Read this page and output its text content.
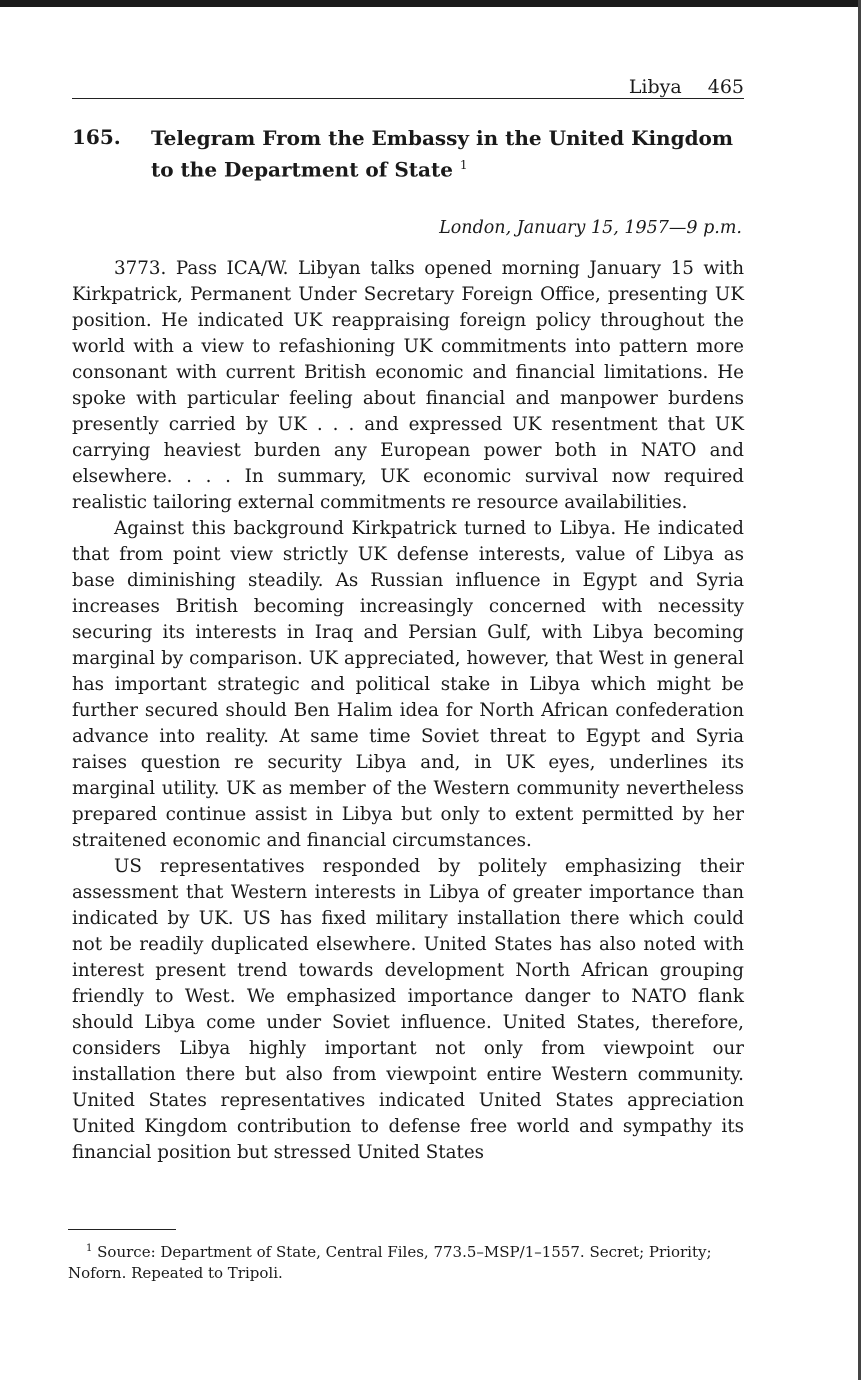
Libya 465
165. Telegram From the Embassy in the United Kingdom to the Department of State $^1$
London, January 15, 1957—9 p.m.

3773. Pass ICA/W. Libyan talks opened morning January 15 with Kirkpatrick, Permanent Under Secretary Foreign Office, presenting UK position. He indicated UK reappraising foreign policy throughout the world with a view to refashioning UK commitments into pattern more consonant with current British economic and financial limitations. He spoke with particular feeling about financial and manpower burdens presently carried by UK . . . and expressed UK resentment that UK carrying heaviest burden any European power both in NATO and elsewhere. . . . In summary, UK economic survival now required realistic tailoring external commitments re resource availabilities.

Against this background Kirkpatrick turned to Libya. He indicated that from point view strictly UK defense interests, value of Libya as base diminishing steadily. As Russian influence in Egypt and Syria increases British becoming increasingly concerned with necessity securing its interests in Iraq and Persian Gulf, with Libya becoming marginal by comparison. UK appreciated, however, that West in general has important strategic and political stake in Libya which might be further secured should Ben Halim idea for North African confederation advance into reality. At same time Soviet threat to Egypt and Syria raises question re security Libya and, in UK eyes, underlines its marginal utility. UK as member of the Western community nevertheless prepared continue assist in Libya but only to extent permitted by her straitened economic and financial circumstances.

US representatives responded by politely emphasizing their assessment that Western interests in Libya of greater importance than indicated by UK. US has fixed military installation there which could not be readily duplicated elsewhere. United States has also noted with interest present trend towards development North African grouping friendly to West. We emphasized importance danger to NATO flank should Libya come under Soviet influence. United States, therefore, considers Libya highly important not only from viewpoint our installation there but also from viewpoint entire Western community. United States representatives indicated United States appreciation United Kingdom contribution to defense free world and sympathy its financial position but stressed United States

$^1$ Source: Department of State, Central Files, 773.5–MSP/1–1557. Secret; Priority; Noforn. Repeated to Tripoli.
